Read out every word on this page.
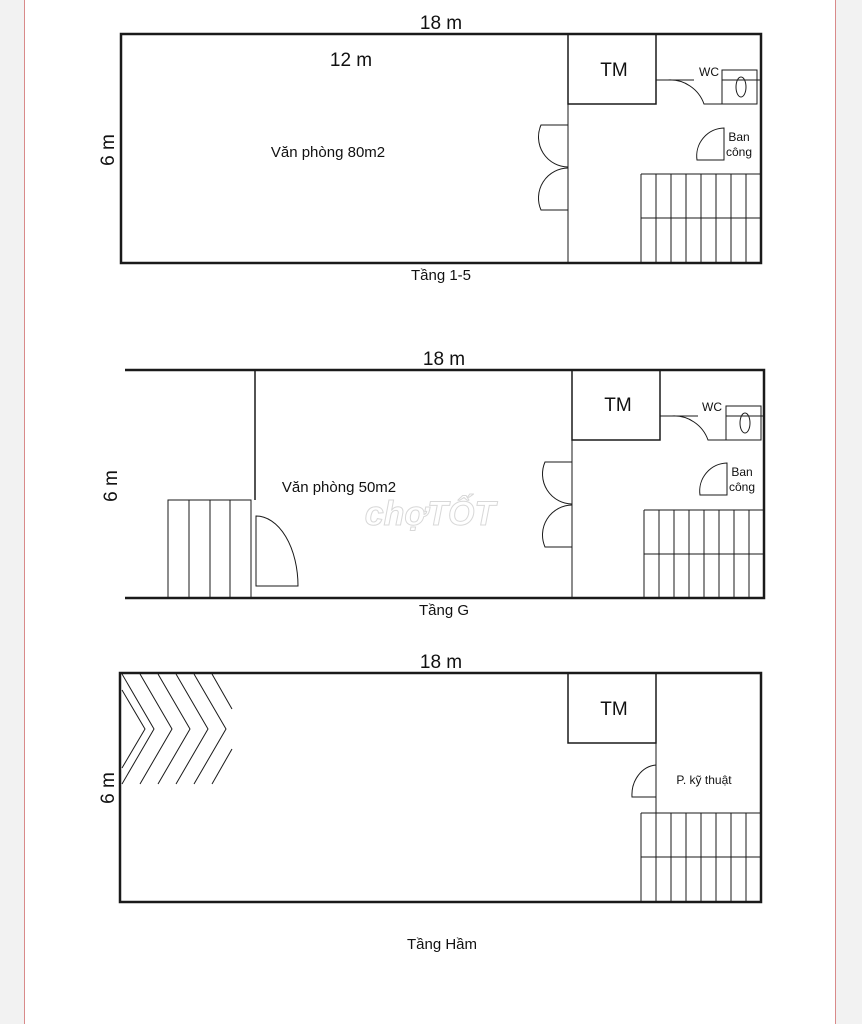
18 m
6 m
12 m
Văn phòng 80m2
TM	WC
Ban
công
Tầng 1-5
18 m
6 m	Văn phòng 50m2
TM	WC
Ban
công
Tầng G
18 m
6 m
TM
P. kỹ thuật
Tầng Hầm
chợTỐT
